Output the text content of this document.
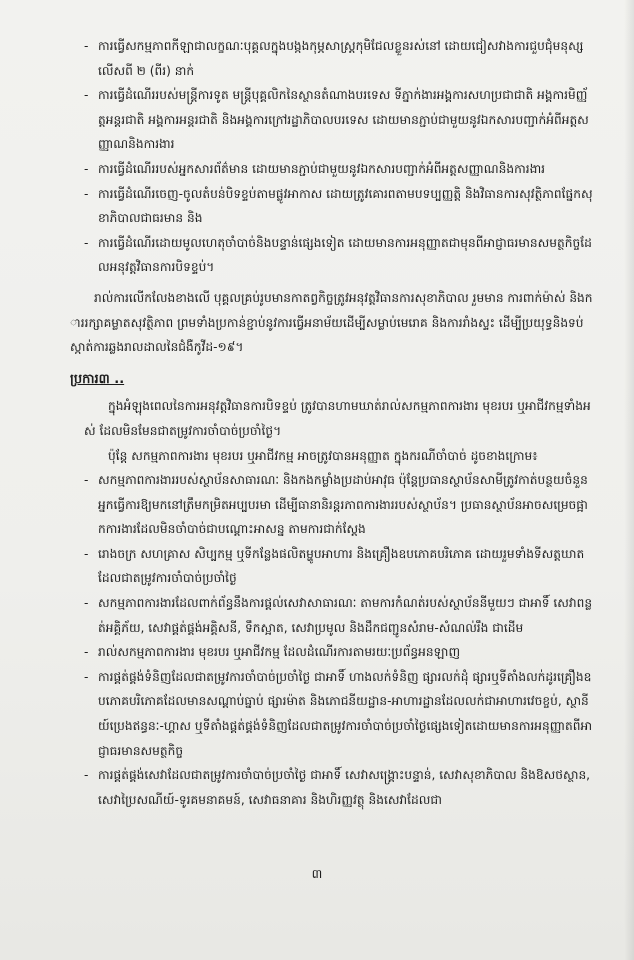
- ការធ្វើសកម្មភាពកីឡាជាលក្ខណៈបុគ្គលក្នុងបង្កងកុម្ភសាស្ត្រកុមិជែលខ្លួនរស់នៅ ដោយជៀសវាងការជួបជុំមនុស្សលើសពី ២ (ពីរ) នាក់
- ការធ្វើដំណើររបស់មន្ត្រីការទូត មន្ត្រីបុគ្គលិកនៃស្ថានតំណាងបរទេស ទីភ្នាក់ងារអង្គការសហប្រជាជាតិ អង្គការមិញ្ញ័ត្តអន្តរជាតិ អង្គការអន្តរជាតិ និងអង្គការក្រៅរដ្ឋាភិបាលបរទេស ដោយមានភ្ជាប់ជាមួយនូវឯកសារបញ្ជាក់អំពីអត្តសញ្ញាណនិងការងារ
- ការធ្វើដំណើររបស់អ្នកសារព័ត៌មាន ដោយមានភ្ជាប់ជាមួយនូវឯកសារបញ្ជាក់អំពីអត្តសញ្ញាណនិងការងារ
- ការធ្វើដំណើរចេញ-ចូលតំបន់បិទខ្ទប់តាមផ្លូវអាកាស ដោយត្រូវគោរពតាមបទប្បញ្ញត្តិ និងវិធានការសុវត្ថិភាពផ្នែកសុខាភិបាលជាធរមាន និង
- ការធ្វើដំណើរដោយមូលហេតុចាំបាច់និងបន្ទាន់ផ្សេងទៀត ដោយមានការអនុញ្ញាតជាមុនពីអាជ្ញាធរមានសមត្ថកិច្ចដែលអនុវត្តវិធានការបិទខ្ទប់។

រាល់ការលើកលែងខាងលើ បុគ្គលគ្រប់រូបមានកាតព្វកិច្ចត្រូវអនុវត្តវិធានការសុខាភិបាល រួមមាន ការពាក់ម៉ាស់ និងការរក្សាគម្លាតសុវត្ថិភាព ព្រមទាំងប្រកាន់ខ្ជាប់នូវការធ្វើអនាម័យដើម្បីសម្លាប់មេរោគ និងការរាំងស្ទះ ដើម្បីប្រយុទ្ធនិងទប់ស្កាត់ការឆ្លងរាលដាលនៃជំងឺកូវីដ-១៩។

ប្រការ៣ ..

ក្នុងអំឡុងពេលនៃការអនុវត្តវិធានការបិទខ្ទប់ ត្រូវបានហាមឃាត់រាល់សកម្មភាពការងារ មុខរបរ ឬអាជីវកម្មទាំងអស់ ដែលមិនមែនជាតម្រូវការចាំបាច់ប្រចាំថ្ងៃ។

ប៉ុន្តែ សកម្មភាពការងារ មុខរបរ ឬអាជីវកម្ម អាចត្រូវបានអនុញ្ញាត ក្នុងករណីចាំបាច់ ដូចខាងក្រោម៖

- សកម្មភាពការងាររបស់ស្ថាប័នសាធារណៈ និងកងកម្លាំងប្រដាប់អាវុធ ប៉ុន្តែប្រធានស្ថាប័នសាមីត្រូវកាត់បន្ថយចំនួនអ្នកធ្វើការឱ្យមកនៅត្រឹមកម្រិតអប្បបរមា ដើម្បីធានានិរន្តរភាពការងាររបស់ស្ថាប័ន។ ប្រធានស្ថាប័នអាចសម្រេចផ្អាកការងារដែលមិនចាំបាច់ជាបណ្ដោះអាសន្ន តាមការជាក់ស្ដែង
- រោងចក្រ សហគ្រាស សិប្បកម្ម ឬទីកន្លែងផលិតម្ហូបអាហារ និងគ្រឿងឧបភោគបរិភោគ ដោយរួមទាំងទីសត្តឃាត ដែលជាតម្រូវការចាំបាច់ប្រចាំថ្ងៃ
- សកម្មភាពការងារដែលពាក់ព័ន្ធនឹងការផ្ដល់សេវាសាធារណៈ តាមការកំណត់របស់ស្ថាប័ននីមួយៗ ជាអាទិ៍ សេវាពន្លត់អគ្គិភ័យ, សេវាផ្គត់ផ្គង់អគ្គិសនី, ទឹកស្អាត, សេវាប្រមូល និងដឹកជញ្ជូនសំរាម-សំណល់រឹង ជាដើម
- រាល់សកម្មភាពការងារ មុខរបរ ឬអាជីវកម្ម ដែលដំណើរការតាមរយៈប្រព័ន្ធអនឡាញ
- ការផ្គត់ផ្គង់ទំនិញដែលជាតម្រូវការចាំបាច់ប្រចាំថ្ងៃ ជាអាទិ៍ ហាងលក់ទំនិញ ផ្សារលក់ដុំ ផ្សារឬទីតាំងលក់ដូរគ្រឿងឧបភោគបរិភោគដែលមានសណ្ដាប់ធ្នាប់ ផ្សារម៉ាត និងភោជនីយដ្ឋាន-អាហារដ្ឋានដែលលក់ជាអាហារវេចខ្ចប់, ស្ថានីយ៍ប្រេងឥន្ធនៈ-ហ្គាស ឬទីតាំងផ្គត់ផ្គង់ទំនិញដែលជាតម្រូវការចាំបាច់ប្រចាំថ្ងៃផ្សេងទៀតដោយមានការអនុញ្ញាតពីអាជ្ញាធរមានសមត្ថកិច្ច
- ការផ្គត់ផ្គង់សេវាដែលជាតម្រូវការចាំបាច់ប្រចាំថ្ងៃ ជាអាទិ៍ សេវាសង្គ្រោះបន្ទាន់, សេវាសុខាភិបាល និងឱសថស្ថាន, សេវាប្រៃសណីយ៍-ទូរគមនាគមន៍, សេវាធនាគារ និងហិរញ្ញវត្ថុ និងសេវាដែលជា
៣
